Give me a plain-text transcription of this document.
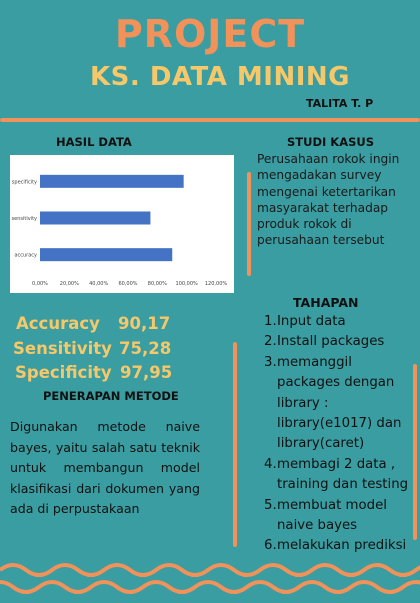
PROJECT
KS. DATA MINING
TALITA T. P
HASIL DATA
specificity
sensitivity
accuracy
0,00% 20,00% 40,00% 60,00% 80,00% 100,00% 120,00%
Accuracy 90,17
Sensitivity 75,28
Specificity 97,95
PENERAPAN METODE
Digunakan metode naive bayes, yaitu salah satu teknik untuk membangun model klasifikasi dari dokumen yang ada di perpustakaan
STUDI KASUS
Perusahaan rokok ingin mengadakan survey mengenai ketertarikan masyarakat terhadap produk rokok di perusahaan tersebut
TAHAPAN
1. Input data
2. Install packages
3. memanggil packages dengan library : library(e1017) dan library(caret)
4. membagi 2 data , training dan testing
5. membuat model naive bayes
6. melakukan prediksi
